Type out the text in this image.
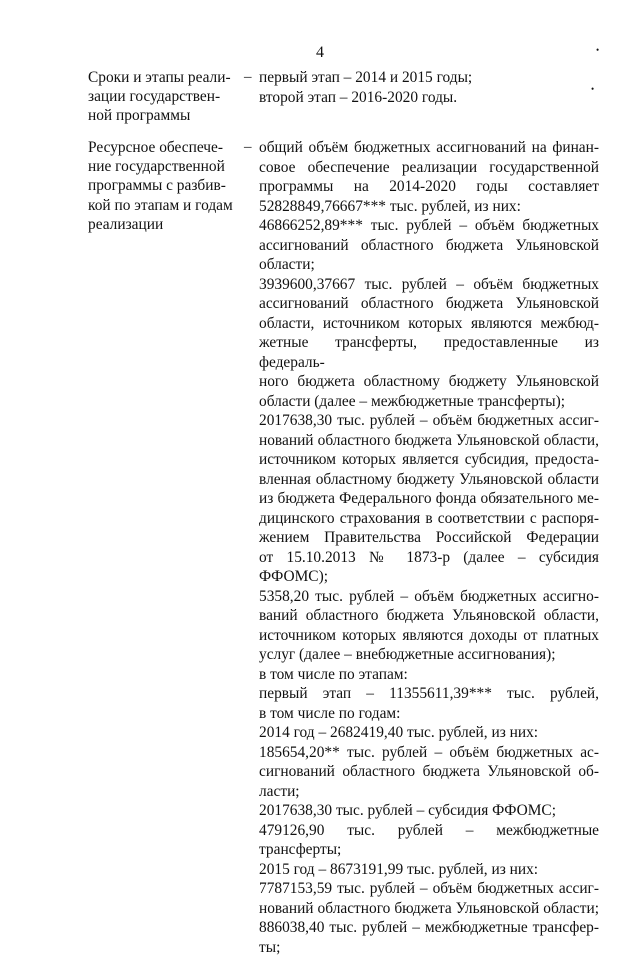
4	•
•
Сроки и этапы реали-
зации государствен-
ной программы
– первый этап – 2014 и 2015 годы;
второй этап – 2016-2020 годы.
Ресурсное обеспече-
ние государственной
программы с разбив-
кой по этапам и годам
реализации
– общий объём бюджетных ассигнований на финан-
совое обеспечение реализации государственной
программы на 2014-2020 годы составляет
52828849,76667*** тыс. рублей, из них:
46866252,89*** тыс. рублей – объём бюджетных
ассигнований областного бюджета Ульяновской
области;
3939600,37667 тыс. рублей – объём бюджетных
ассигнований областного бюджета Ульяновской
области, источником которых являются межбюд-
жетные трансферты, предоставленные из федераль-
ного бюджета областному бюджету Ульяновской
области (далее – межбюджетные трансферты);
2017638,30 тыс. рублей – объём бюджетных ассиг-
нований областного бюджета Ульяновской области,
источником которых является субсидия, предоста-
вленная областному бюджету Ульяновской области
из бюджета Федерального фонда обязательного ме-
дицинского страхования в соответствии с распоря-
жением Правительства Российской Федерации
от 15.10.2013 № 1873-р (далее – субсидия
ФФОМС);
5358,20 тыс. рублей – объём бюджетных ассигно-
ваний областного бюджета Ульяновской области,
источником которых являются доходы от платных
услуг (далее – внебюджетные ассигнования);
в том числе по этапам:
первый этап – 11355611,39*** тыс. рублей,
в том числе по годам:
2014 год – 2682419,40 тыс. рублей, из них:
185654,20** тыс. рублей – объём бюджетных ас-
сигнований областного бюджета Ульяновской об-
ласти;
2017638,30 тыс. рублей – субсидия ФФОМС;
479126,90 тыс. рублей – межбюджетные
трансферты;
2015 год – 8673191,99 тыс. рублей, из них:
7787153,59 тыс. рублей – объём бюджетных ассиг-
нований областного бюджета Ульяновской области;
886038,40 тыс. рублей – межбюджетные трансфер-
ты;
